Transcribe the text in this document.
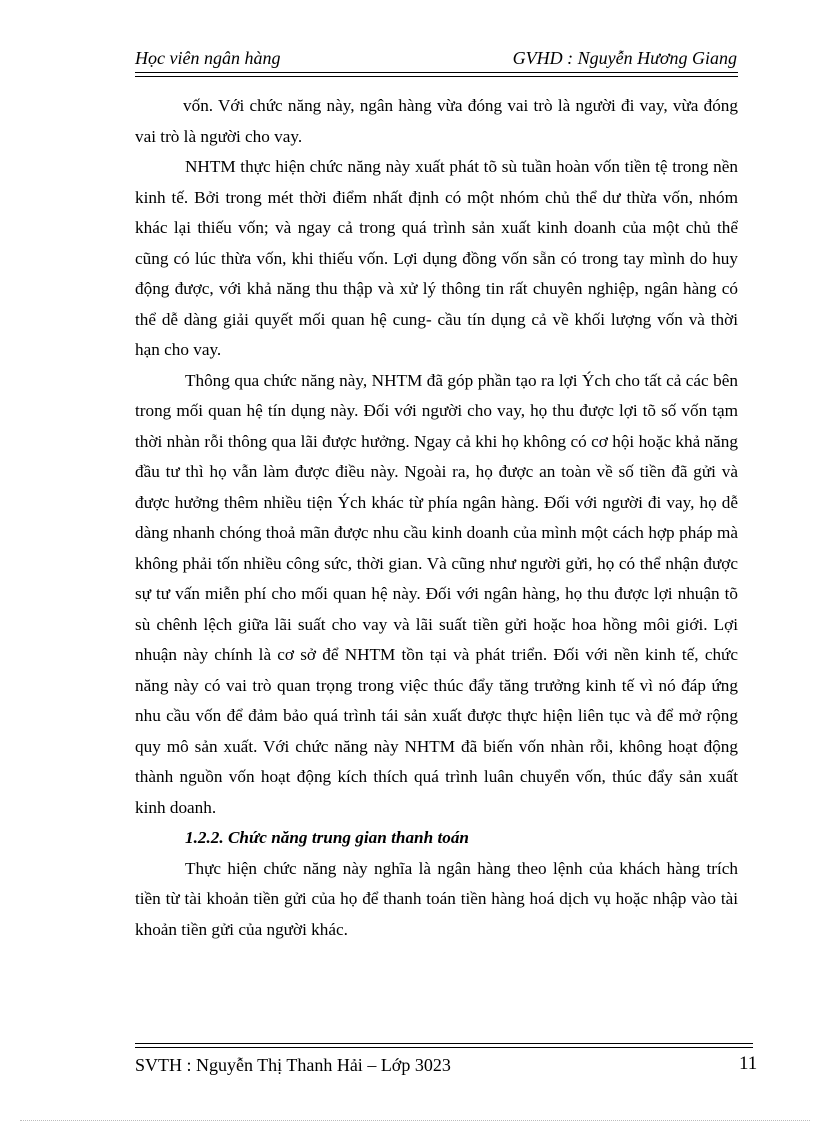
Học viên ngân hàng	GVHD : Nguyễn Hương Giang

vốn. Với chức năng này, ngân hàng vừa đóng vai trò là người đi vay, vừa đóng vai trò là người cho vay.

NHTM thực hiện chức năng này xuất phát tõ sù tuần hoàn vốn tiền tệ trong nền kinh tế. Bởi trong mét thời điểm nhất định có một nhóm chủ thể dư thừa vốn, nhóm khác lại thiếu vốn; và ngay cả trong quá trình sản xuất kinh doanh của một chủ thể cũng có lúc thừa vốn, khi thiếu vốn. Lợi dụng đồng vốn sẵn có trong tay mình do huy động được, với khả năng thu thập và xử lý thông tin rất chuyên nghiệp, ngân hàng có thể dễ dàng giải quyết mối quan hệ cung- cầu tín dụng cả về khối lượng vốn và thời hạn cho vay.

Thông qua chức năng này, NHTM đã góp phần tạo ra lợi Ých cho tất cả các bên trong mối quan hệ tín dụng này. Đối với người cho vay, họ thu được lợi tõ số vốn tạm thời nhàn rỗi thông qua lãi được hưởng. Ngay cả khi họ không có cơ hội hoặc khả năng đầu tư thì họ vẫn làm được điều này. Ngoài ra, họ được an toàn về số tiền đã gửi và được hưởng thêm nhiều tiện Ých khác từ phía ngân hàng. Đối với người đi vay, họ dễ dàng nhanh chóng thoả mãn được nhu cầu kinh doanh của mình một cách hợp pháp mà không phải tốn nhiều công sức, thời gian. Và cũng như người gửi, họ có thể nhận được sự tư vấn miễn phí cho mối quan hệ này. Đối với ngân hàng, họ thu được lợi nhuận tõ sù chênh lệch giữa lãi suất cho vay và lãi suất tiền gửi hoặc hoa hồng môi giới. Lợi nhuận này chính là cơ sở để NHTM tồn tại và phát triển. Đối với nền kinh tế, chức năng này có vai trò quan trọng trong việc thúc đẩy tăng trưởng kinh tế vì nó đáp ứng nhu cầu vốn để đảm bảo quá trình tái sản xuất được thực hiện liên tục và để mở rộng quy mô sản xuất. Với chức năng này NHTM đã biến vốn nhàn rỗi, không hoạt động thành nguồn vốn hoạt động kích thích quá trình luân chuyển vốn, thúc đẩy sản xuất kinh doanh.

1.2.2. Chức năng trung gian thanh toán

Thực hiện chức năng này nghĩa là ngân hàng theo lệnh của khách hàng trích tiền từ tài khoản tiền gửi của họ để thanh toán tiền hàng hoá dịch vụ hoặc nhập vào tài khoản tiền gửi của người khác.

SVTH : Nguyễn Thị Thanh Hải – Lớp 3023	11
